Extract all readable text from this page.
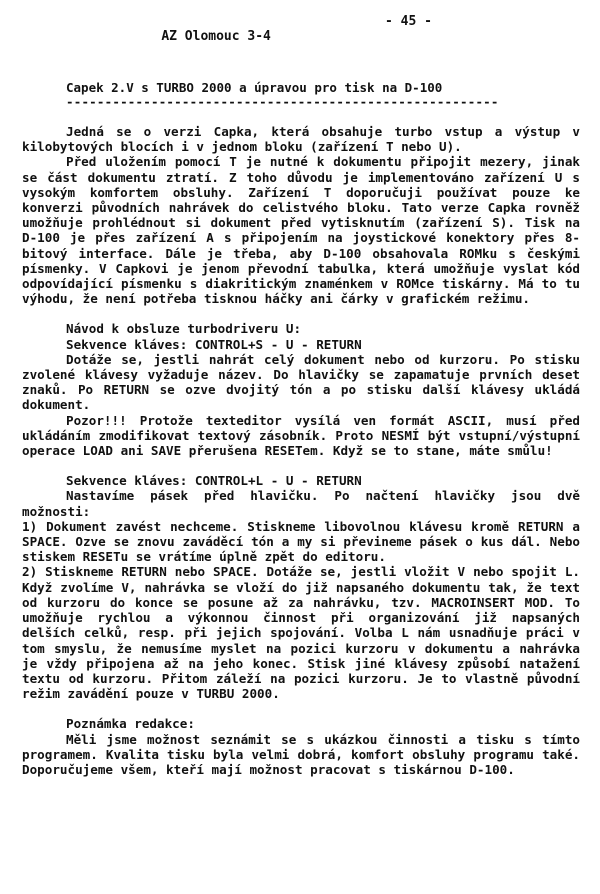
AZ Olomouc 3-4

- 45 -

Capek 2.V s TURBO 2000 a úpravou pro tisk na D-100
--------------------------------------------------------

Jedná se o verzi Capka, která obsahuje turbo vstup a výstup v kilobytových blocích i v jednom bloku (zařízení T nebo U).

Před uložením pomocí T je nutné k dokumentu připojit mezery, jinak se část dokumentu ztratí. Z toho důvodu je implementováno zařízení U s vysokým komfortem obsluhy. Zařízení T doporučuji používat pouze ke konverzi původních nahrávek do celistvého bloku. Tato verze Capka rovněž umožňuje prohlédnout si dokument před vytisknutím (zařízení S). Tisk na D-100 je přes zařízení A s připojením na joystickové konektory přes 8-bitový interface. Dále je třeba, aby D-100 obsahovala ROMku s českými písmenky. V Capkovi je jenom převodní tabulka, která umožňuje vyslat kód odpovídající písmenku s diakritickým znaménkem v ROMce tiskárny. Má to tu výhodu, že není potřeba tisknou háčky ani čárky v grafickém režimu.

Návod k obsluze turbodriveru U:

Sekvence kláves: CONTROL+S - U - RETURN

Dotáže se, jestli nahrát celý dokument nebo od kurzoru. Po stisku zvolené klávesy vyžaduje název. Do hlavičky se zapamatuje prvních deset znaků. Po RETURN se ozve dvojitý tón a po stisku další klávesy ukládá dokument.

Pozor!!! Protože texteditor vysílá ven formát ASCII, musí před ukládáním zmodifikovat textový zásobník. Proto NESMÍ být vstupní/výstupní operace LOAD ani SAVE přerušena RESETem. Když se to stane, máte smůlu!

Sekvence kláves: CONTROL+L - U - RETURN

Nastavíme pásek před hlavičku. Po načtení hlavičky jsou dvě možnosti:

1) Dokument zavést nechceme. Stiskneme libovolnou klávesu kromě RETURN a SPACE. Ozve se znovu zaváděcí tón a my si převineme pásek o kus dál. Nebo stiskem RESETu se vrátíme úplně zpět do editoru.

2) Stiskneme RETURN nebo SPACE. Dotáže se, jestli vložit V nebo spojit L. Když zvolíme V, nahrávka se vloží do již napsaného dokumentu tak, že text od kurzoru do konce se posune až za nahrávku, tzv. MACROINSERT MOD. To umožňuje rychlou a výkonnou činnost při organizování již napsaných delších celků, resp. při jejich spojování. Volba L nám usnadňuje práci v tom smyslu, že nemusíme myslet na pozici kurzoru v dokumentu a nahrávka je vždy připojena až na jeho konec. Stisk jiné klávesy způsobí natažení textu od kurzoru. Přitom záleží na pozici kurzoru. Je to vlastně původní režim zavádění pouze v TURBU 2000.

Poznámka redakce:

Měli jsme možnost seznámit se s ukázkou činnosti a tisku s tímto programem. Kvalita tisku byla velmi dobrá, komfort obsluhy programu také. Doporučujeme všem, kteří mají možnost pracovat s tiskárnou D-100.
